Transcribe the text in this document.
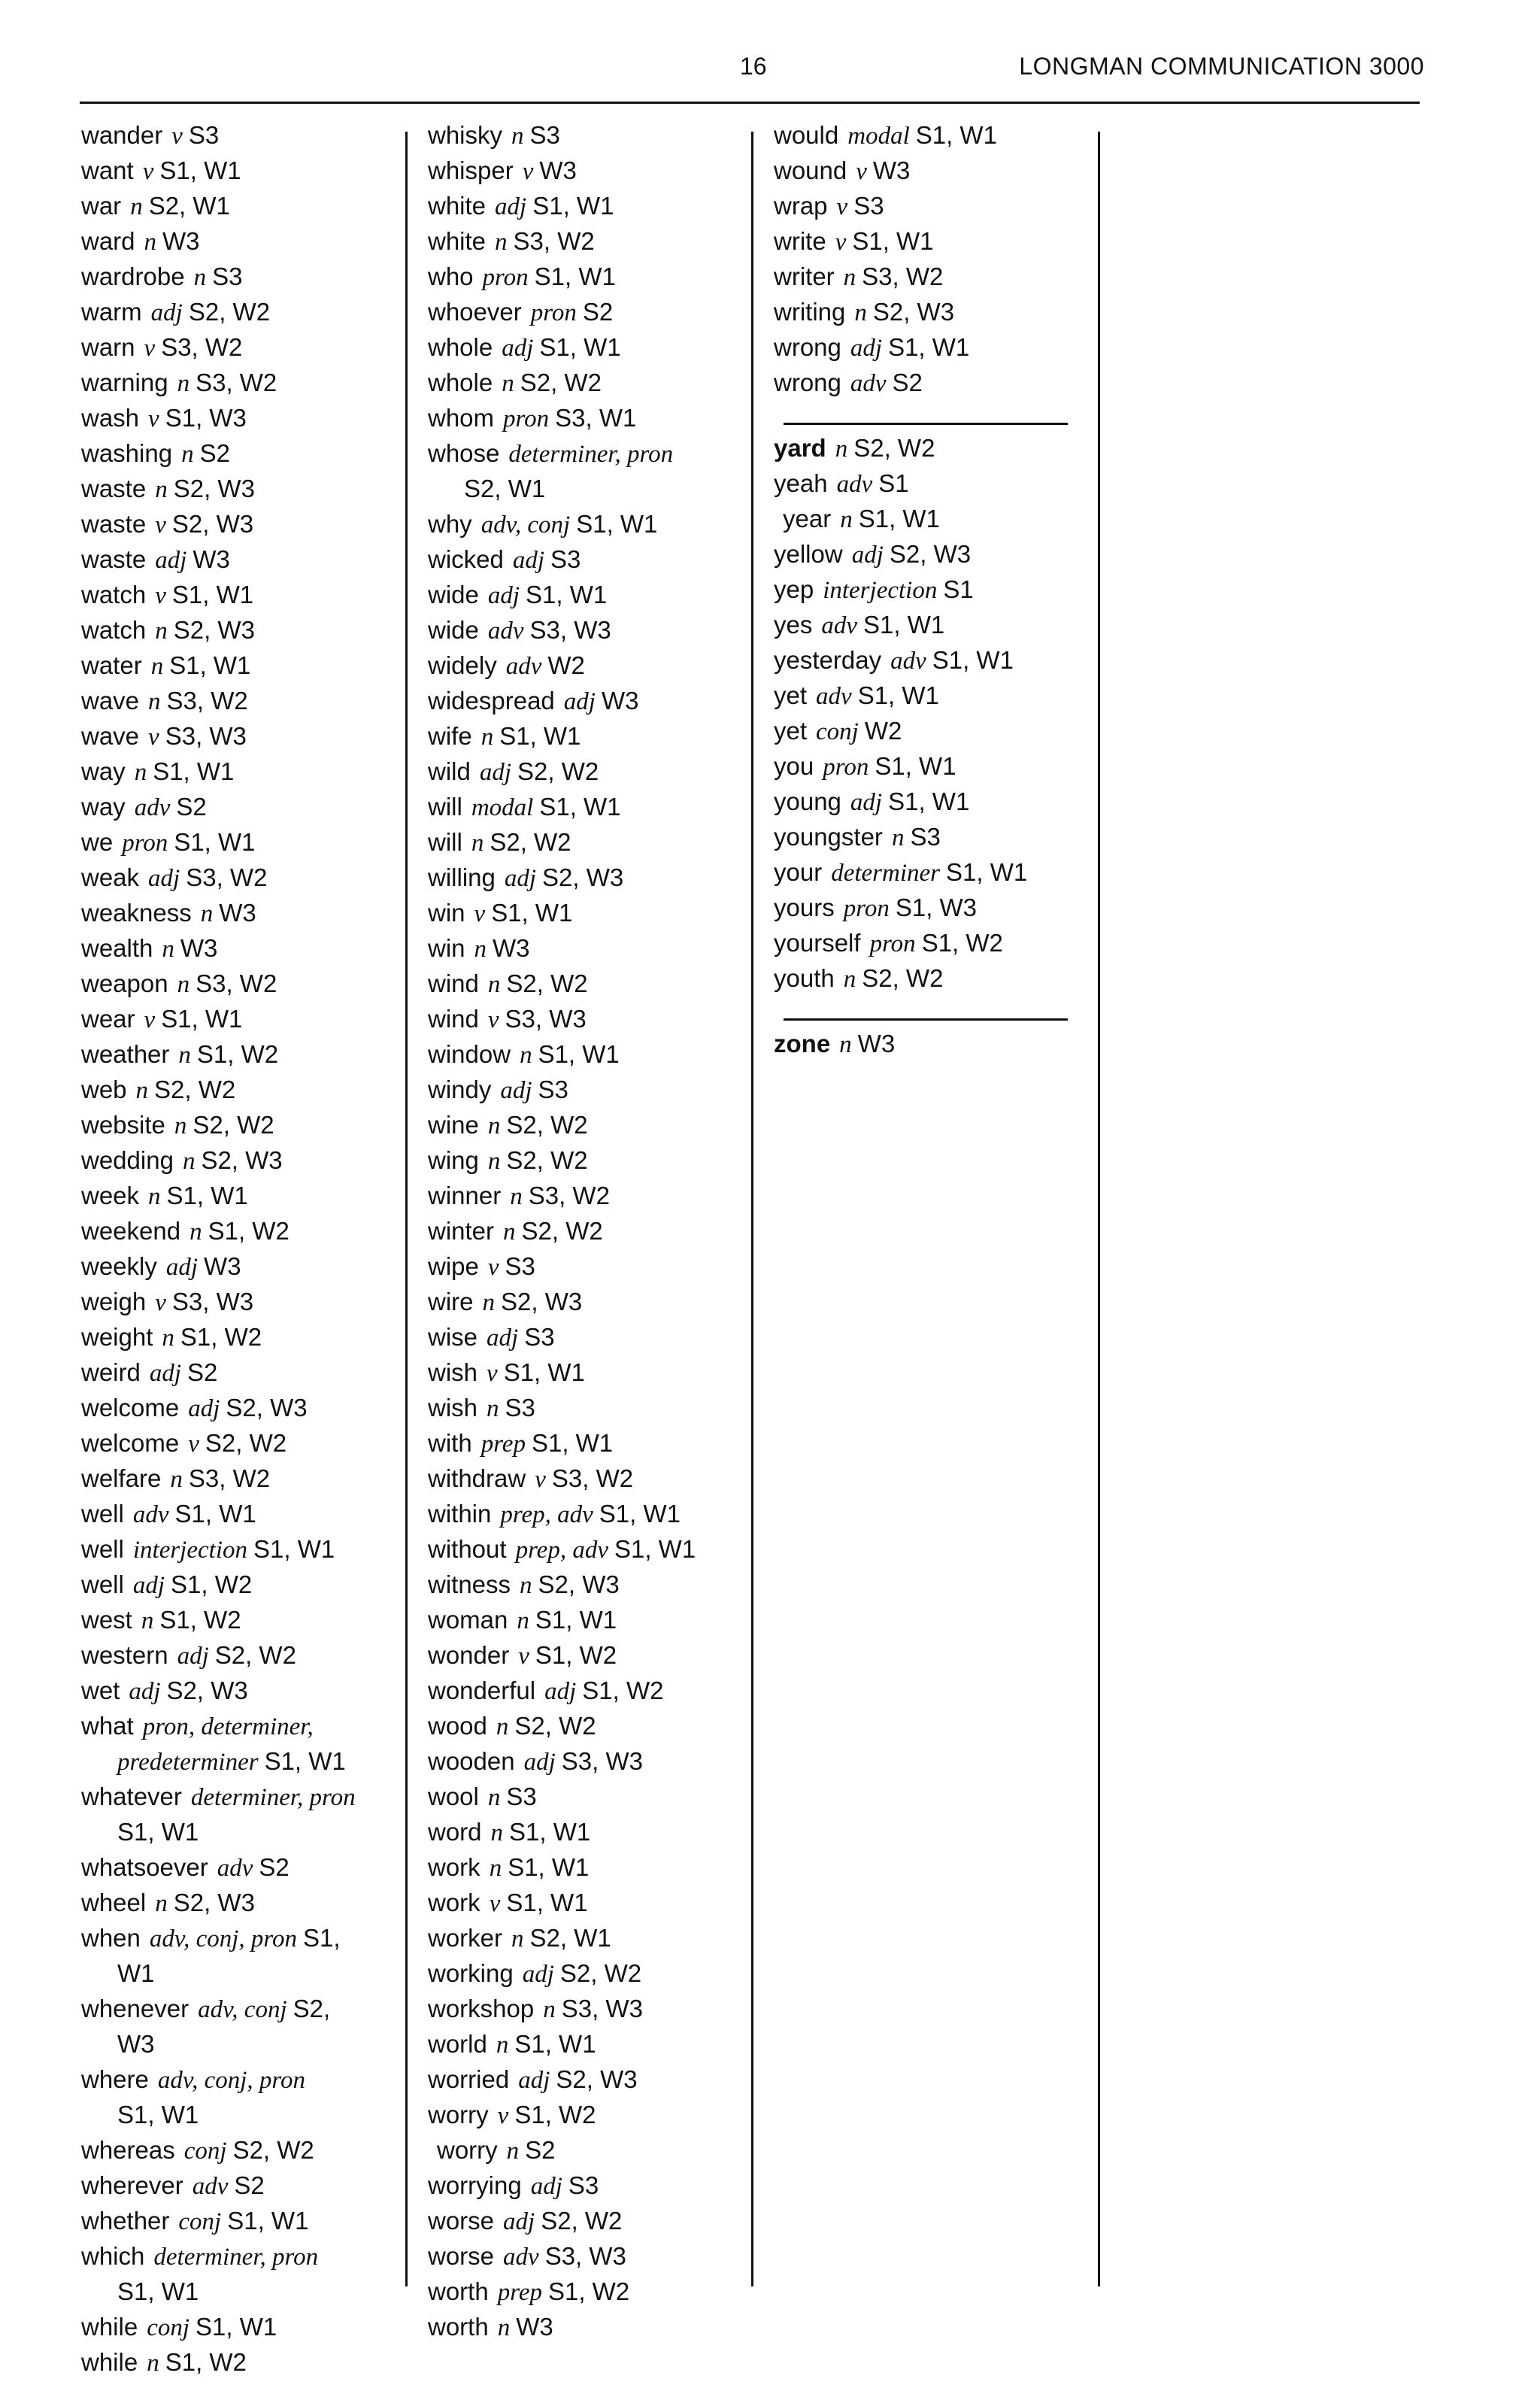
16	LONGMAN COMMUNICATION 3000
wander v S3
want v S1, W1
war n S2, W1
ward n W3
wardrobe n S3
warm adj S2, W2
warn v S3, W2
warning n S3, W2
wash v S1, W3
washing n S2
waste n S2, W3
waste v S2, W3
waste adj W3
watch v S1, W1
watch n S2, W3
water n S1, W1
wave n S3, W2
wave v S3, W3
way n S1, W1
way adv S2
we pron S1, W1
weak adj S3, W2
weakness n W3
wealth n W3
weapon n S3, W2
wear v S1, W1
weather n S1, W2
web n S2, W2
website n S2, W2
wedding n S2, W3
week n S1, W1
weekend n S1, W2
weekly adj W3
weigh v S3, W3
weight n S1, W2
weird adj S2
welcome adj S2, W3
welcome v S2, W2
welfare n S3, W2
well adv S1, W1
well interjection S1, W1
well adj S1, W2
west n S1, W2
western adj S2, W2
wet adj S2, W3
what pron, determiner,
predeterminer S1, W1
whatever determiner, pron
S1, W1
whatsoever adv S2
wheel n S2, W3
when adv, conj, pron S1,
W1
whenever adv, conj S2,
W3
where adv, conj, pron
S1, W1
whereas conj S2, W2
wherever adv S2
whether conj S1, W1
which determiner, pron
S1, W1
while conj S1, W1
while n S1, W2
whisky n S3
whisper v W3
white adj S1, W1
white n S3, W2
who pron S1, W1
whoever pron S2
whole adj S1, W1
whole n S2, W2
whom pron S3, W1
whose determiner, pron
S2, W1
why adv, conj S1, W1
wicked adj S3
wide adj S1, W1
wide adv S3, W3
widely adv W2
widespread adj W3
wife n S1, W1
wild adj S2, W2
will modal S1, W1
will n S2, W2
willing adj S2, W3
win v S1, W1
win n W3
wind n S2, W2
wind v S3, W3
window n S1, W1
windy adj S3
wine n S2, W2
wing n S2, W2
winner n S3, W2
winter n S2, W2
wipe v S3
wire n S2, W3
wise adj S3
wish v S1, W1
wish n S3
with prep S1, W1
withdraw v S3, W2
within prep, adv S1, W1
without prep, adv S1, W1
witness n S2, W3
woman n S1, W1
wonder v S1, W2
wonderful adj S1, W2
wood n S2, W2
wooden adj S3, W3
wool n S3
word n S1, W1
work n S1, W1
work v S1, W1
worker n S2, W1
working adj S2, W2
workshop n S3, W3
world n S1, W1
worried adj S2, W3
worry v S1, W2
worry n S2
worrying adj S3
worse adj S2, W2
worse adv S3, W3
worth prep S1, W2
worth n W3
would modal S1, W1
wound v W3
wrap v S3
write v S1, W1
writer n S3, W2
writing n S2, W3
wrong adj S1, W1
wrong adv S2
yard n S2, W2
yeah adv S1
year n S1, W1
yellow adj S2, W3
yep interjection S1
yes adv S1, W1
yesterday adv S1, W1
yet adv S1, W1
yet conj W2
you pron S1, W1
young adj S1, W1
youngster n S3
your determiner S1, W1
yours pron S1, W3
yourself pron S1, W2
youth n S2, W2
zone n W3
